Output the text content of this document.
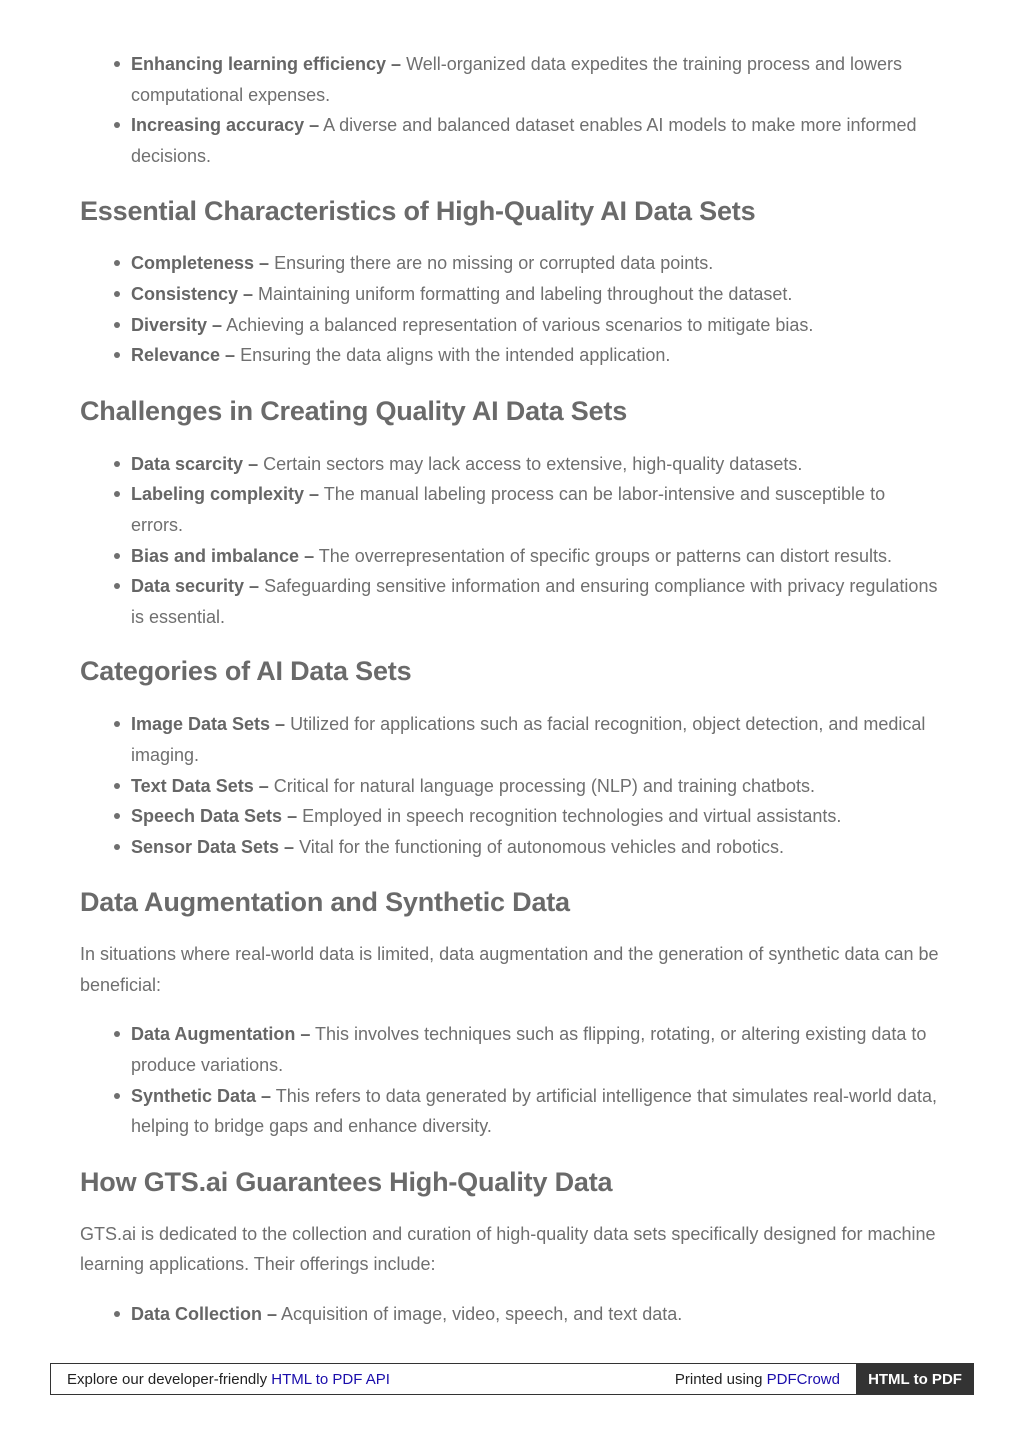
Enhancing learning efficiency – Well-organized data expedites the training process and lowers computational expenses.
Increasing accuracy – A diverse and balanced dataset enables AI models to make more informed decisions.
Essential Characteristics of High-Quality AI Data Sets
Completeness – Ensuring there are no missing or corrupted data points.
Consistency – Maintaining uniform formatting and labeling throughout the dataset.
Diversity – Achieving a balanced representation of various scenarios to mitigate bias.
Relevance – Ensuring the data aligns with the intended application.
Challenges in Creating Quality AI Data Sets
Data scarcity – Certain sectors may lack access to extensive, high-quality datasets.
Labeling complexity – The manual labeling process can be labor-intensive and susceptible to errors.
Bias and imbalance – The overrepresentation of specific groups or patterns can distort results.
Data security – Safeguarding sensitive information and ensuring compliance with privacy regulations is essential.
Categories of AI Data Sets
Image Data Sets – Utilized for applications such as facial recognition, object detection, and medical imaging.
Text Data Sets – Critical for natural language processing (NLP) and training chatbots.
Speech Data Sets – Employed in speech recognition technologies and virtual assistants.
Sensor Data Sets – Vital for the functioning of autonomous vehicles and robotics.
Data Augmentation and Synthetic Data

In situations where real-world data is limited, data augmentation and the generation of synthetic data can be beneficial:

Data Augmentation – This involves techniques such as flipping, rotating, or altering existing data to produce variations.
Synthetic Data – This refers to data generated by artificial intelligence that simulates real-world data, helping to bridge gaps and enhance diversity.
How GTS.ai Guarantees High-Quality Data

GTS.ai is dedicated to the collection and curation of high-quality data sets specifically designed for machine learning applications. Their offerings include:

Data Collection – Acquisition of image, video, speech, and text data.
Explore our developer-friendly HTML to PDF API	Printed using PDFCrowd	HTML to PDF
